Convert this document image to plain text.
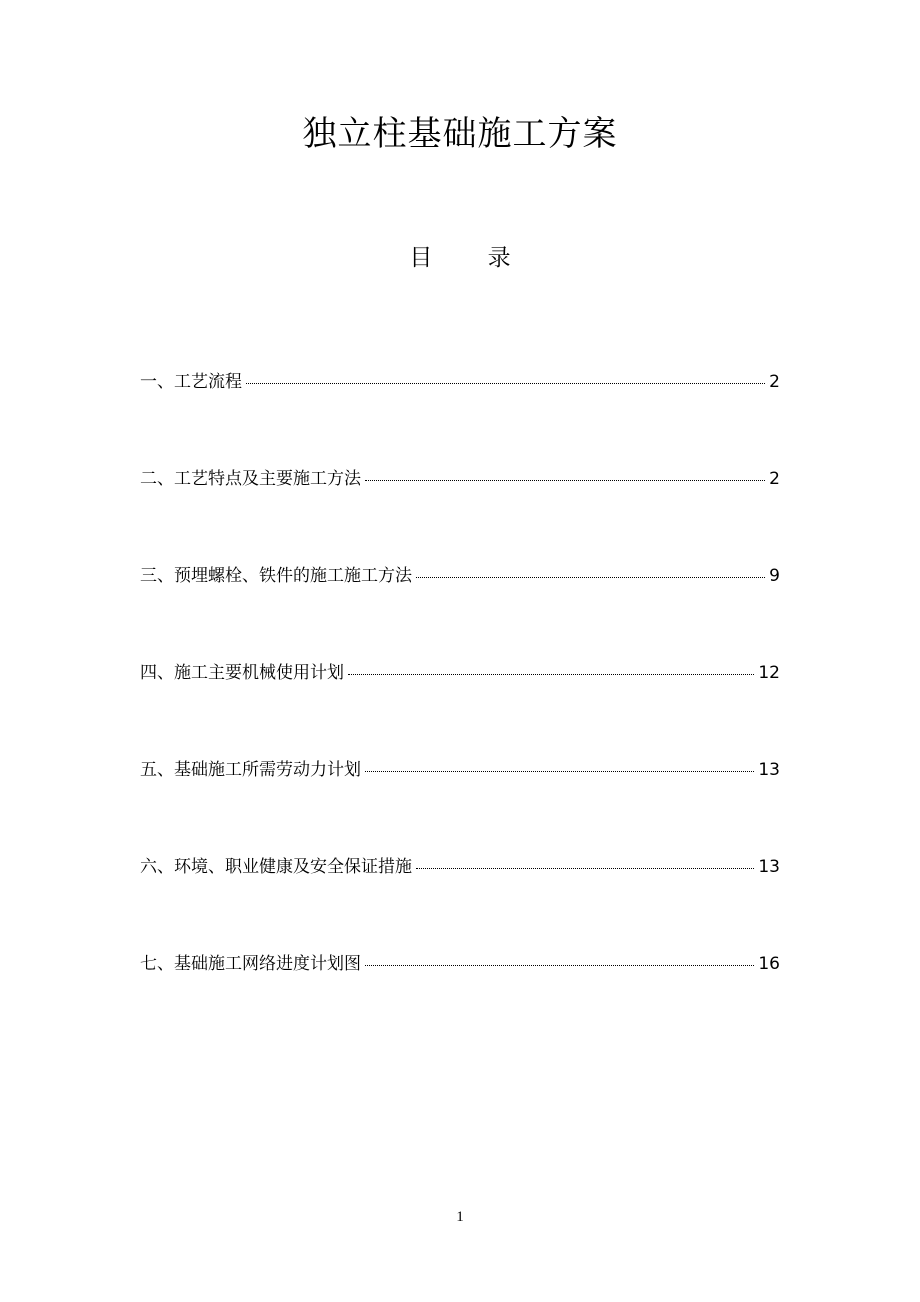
独立柱基础施工方案
目 录
一、工艺流程	2
二、工艺特点及主要施工方法	2
三、预埋螺栓、铁件的施工施工方法	9
四、施工主要机械使用计划	12
五、基础施工所需劳动力计划	13
六、环境、职业健康及安全保证措施	13
七、基础施工网络进度计划图	16
1
